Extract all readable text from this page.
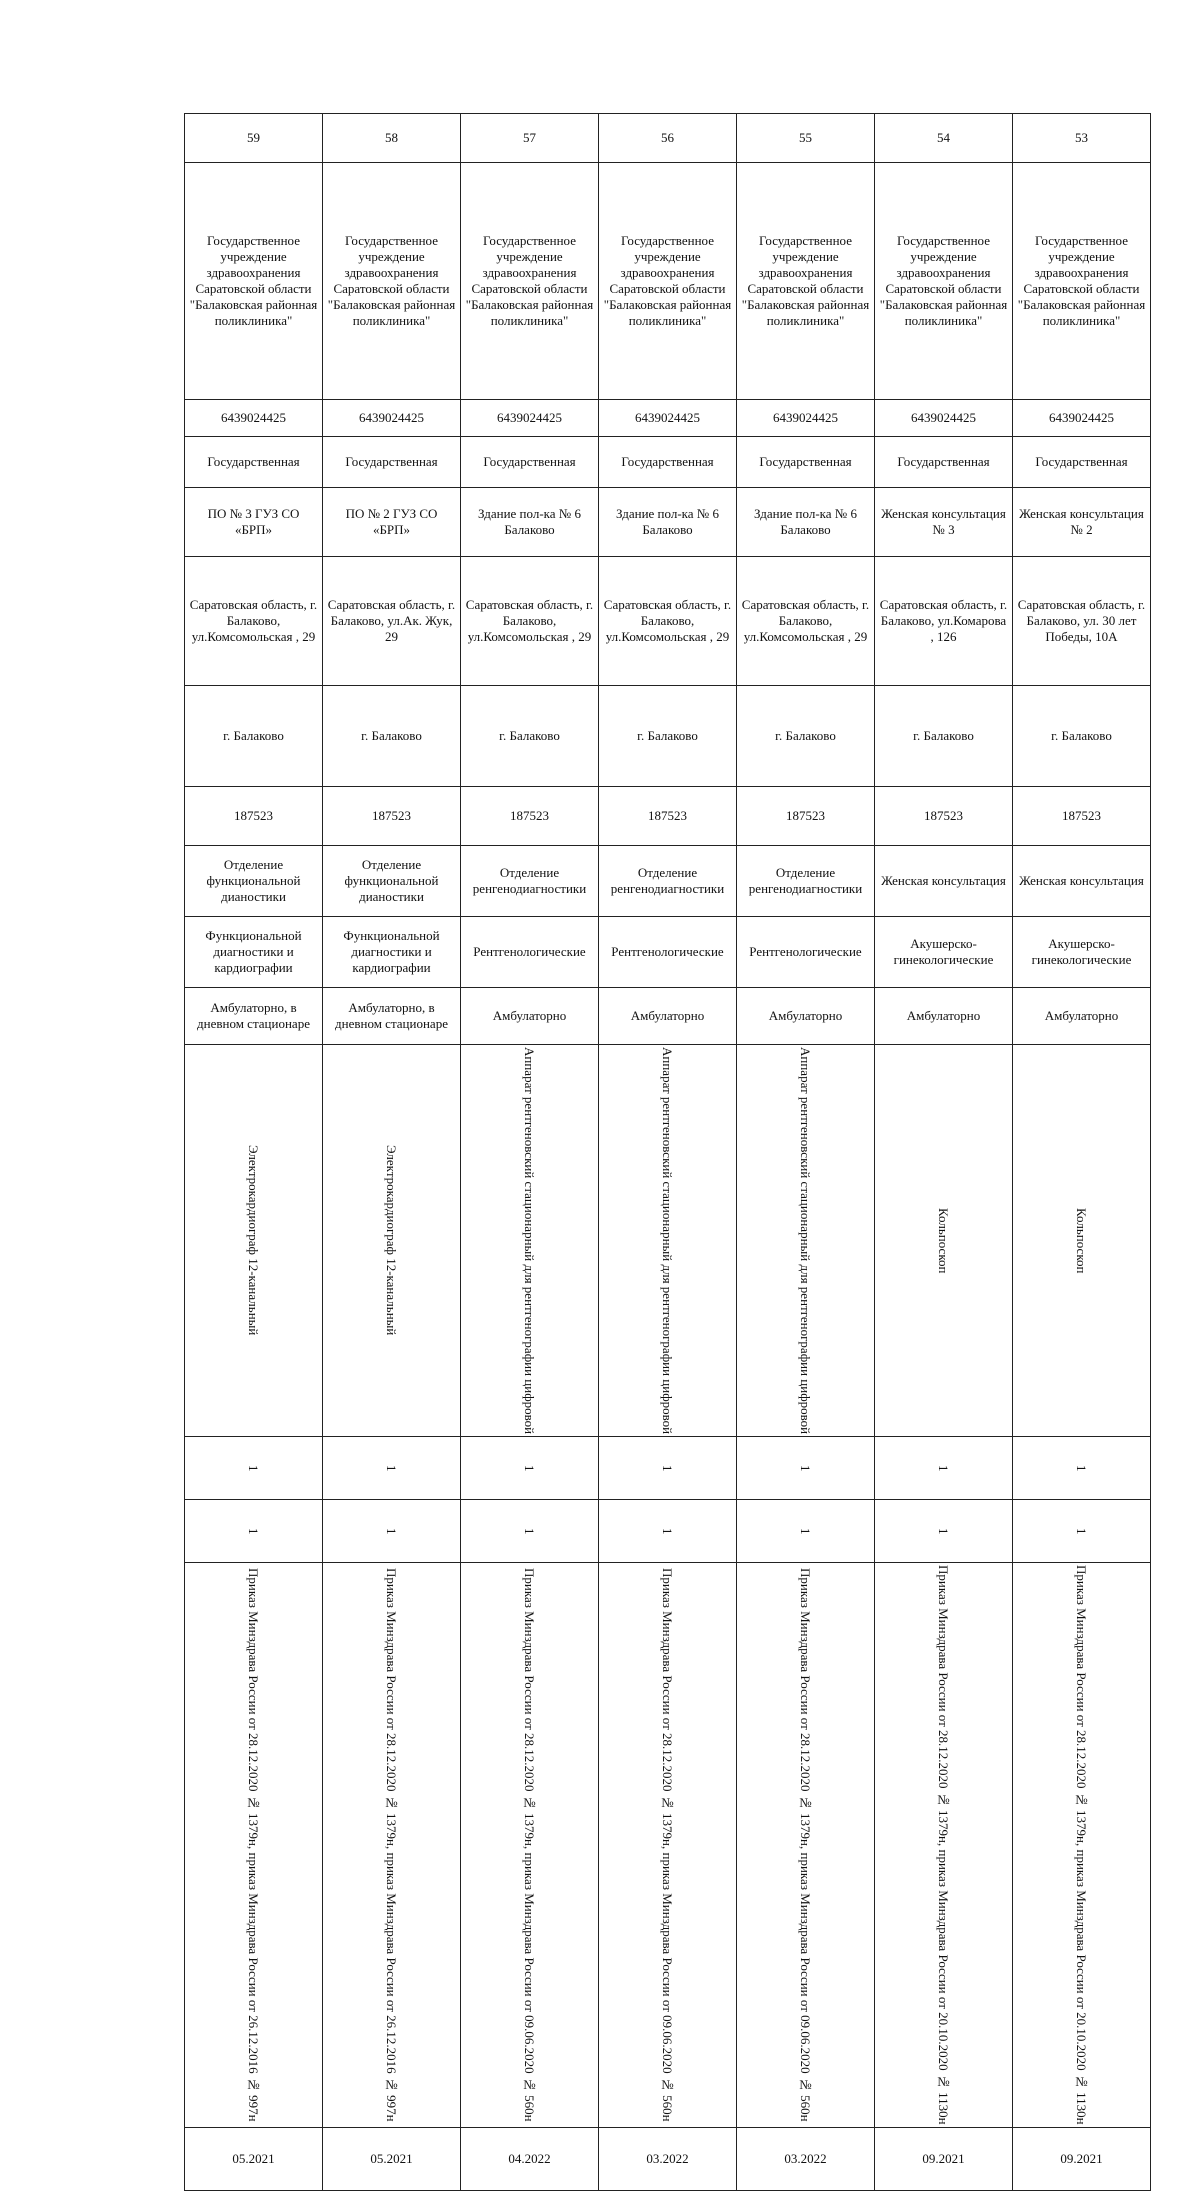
59	58	57	56	55	54	53
Государственное учреждение здравоохранения Саратовской области "Балаковская районная поликлиника"	Государственное учреждение здравоохранения Саратовской области "Балаковская районная поликлиника"	Государственное учреждение здравоохранения Саратовской области "Балаковская районная поликлиника"	Государственное учреждение здравоохранения Саратовской области "Балаковская районная поликлиника"	Государственное учреждение здравоохранения Саратовской области "Балаковская районная поликлиника"	Государственное учреждение здравоохранения Саратовской области "Балаковская районная поликлиника"	Государственное учреждение здравоохранения Саратовской области "Балаковская районная поликлиника"
6439024425	6439024425	6439024425	6439024425	6439024425	6439024425	6439024425
Государственная	Государственная	Государственная	Государственная	Государственная	Государственная	Государственная
ПО № 3 ГУЗ СО «БРП»	ПО № 2 ГУЗ СО «БРП»	Здание пол-ка № 6 Балаково	Здание пол-ка № 6 Балаково	Здание пол-ка № 6 Балаково	Женская консультация № 3	Женская консультация № 2
Саратовская область, г. Балаково, ул.Комсомольская , 29	Саратовская область, г. Балаково, ул.Ак. Жук, 29	Саратовская область, г. Балаково, ул.Комсомольская , 29	Саратовская область, г. Балаково, ул.Комсомольская , 29	Саратовская область, г. Балаково, ул.Комсомольская , 29	Саратовская область, г. Балаково, ул.Комарова , 126	Саратовская область, г. Балаково, ул. 30 лет Победы, 10А
г. Балаково	г. Балаково	г. Балаково	г. Балаково	г. Балаково	г. Балаково	г. Балаково
187523	187523	187523	187523	187523	187523	187523
Отделение функциональной дианостики	Отделение функциональной дианостики	Отделение ренгенодиагностики	Отделение ренгенодиагностики	Отделение ренгенодиагностики	Женская консультация	Женская консультация
Функциональной диагностики и кардиографии	Функциональной диагностики и кардиографии	Рентгенологические	Рентгенологические	Рентгенологические	Акушерско-гинекологические	Акушерско-гинекологические
Амбулаторно, в дневном стационаре	Амбулаторно, в дневном стационаре	Амбулаторно	Амбулаторно	Амбулаторно	Амбулаторно	Амбулаторно

Электрокардиограф 12-канальный	Электрокардиограф 12-канальный	Аппарат рентгеновский стационарный для рентгенографии цифровой	Аппарат рентгеновский стационарный для рентгенографии цифровой	Аппарат рентгеновский стационарный для рентгенографии цифровой	Кольпоскоп	Кольпоскоп

1	1	1	1	1	1	1

1	1	1	1	1	1	1

Приказ Минздрава России от 28.12.2020 № 1379н, приказ Минздрава России от 26.12.2016 № 997н	Приказ Минздрава России от 28.12.2020 № 1379н, приказ Минздрава России от 26.12.2016 № 997н	Приказ Минздрава России от 28.12.2020 № 1379н, приказ Минздрава России от 09.06.2020 № 560н	Приказ Минздрава России от 28.12.2020 № 1379н, приказ Минздрава России от 09.06.2020 № 560н	Приказ Минздрава России от 28.12.2020 № 1379н, приказ Минздрава России от 09.06.2020 № 560н	Приказ Минздрава России от 28.12.2020 № 1379н, приказ Минздрава России от 20.10.2020 № 1130н	Приказ Минздрава России от 28.12.2020 № 1379н, приказ Минздрава России от 20.10.2020 № 1130н

05.2021	05.2021	04.2022	03.2022	03.2022	09.2021	09.2021
